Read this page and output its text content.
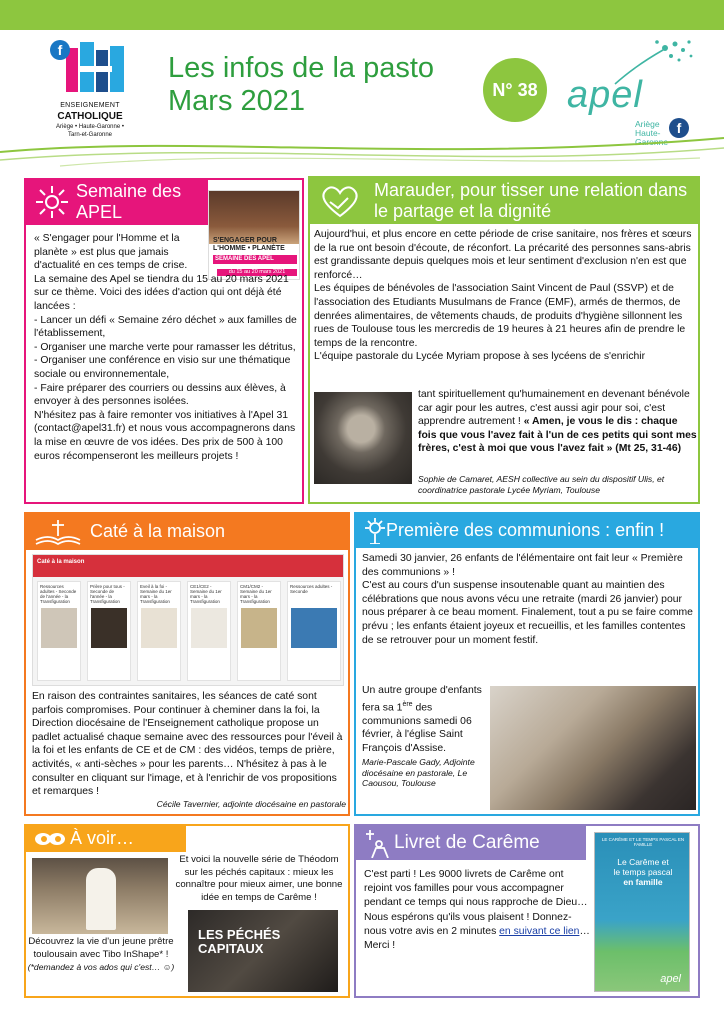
f
ENSEIGNEMENT
CATHOLIQUE
Ariège • Haute-Garonne •
Tarn-et-Garonne
Les infos de la pasto
Mars 2021	N° 38 apel
Ariège
Haute-
Garonne
f
Semaine des APEL
S'ENGAGER POUR
L'HOMME • PLANÈTE
SEMAINE DES APEL
du 15 au 20 mars 2021

« S'engager pour l'Homme et la planète » est plus que jamais d'actualité en ces temps de crise.

La semaine des Apel se tiendra du 15 au 20 mars 2021 sur ce thème. Voici des idées d'action qui ont déjà été lancées :

- Lancer un défi « Semaine zéro déchet » aux familles de l'établissement,

- Organiser une marche verte pour ramasser les détritus,

- Organiser une conférence en visio sur une thématique sociale ou environnementale,

- Faire préparer des courriers ou dessins aux élèves, à envoyer à des personnes isolées.

N'hésitez pas à faire remonter vos initiatives à l'Apel 31 (contact@apel31.fr) et nous vous accompagnerons dans la mise en œuvre de vos idées. Des prix de 500 à 100 euros récompenseront les meilleurs projets !

Marauder, pour tisser une relation dans le partage et la dignité

Aujourd'hui, et plus encore en cette période de crise sanitaire, nos frères et sœurs de la rue ont besoin d'écoute, de réconfort. La précarité des personnes sans-abris est grandissante depuis quelques mois et leur sentiment d'exclusion n'en est que renforcé…

Les équipes de bénévoles de l'association Saint Vincent de Paul (SSVP) et de l'association des Etudiants Musulmans de France (EMF), armés de thermos, de denrées alimentaires, de vêtements chauds, de produits d'hygiène sillonnent les rues de Toulouse tous les mercredis de 19 heures à 21 heures afin de prendre le temps de la rencontre.

L'équipe pastorale du Lycée Myriam propose à ses lycéens de s'enrichir

tant spirituellement qu'humainement en devenant bénévole car agir pour les autres, c'est aussi agir pour soi, c'est apprendre autrement ! « Amen, je vous le dis : chaque fois que vous l'avez fait à l'un de ces petits qui sont mes frères, c'est à moi que vous l'avez fait » (Mt 25, 31-46)
Sophie de Camaret, AESH collective au sein du dispositif Ulis, et coordinatrice pastorale Lycée Myriam, Toulouse
Caté à la maison
Caté à la maison
Ressources adultes - Seconde de l'année - la Transfiguration
Prière pour tous - Seconde de l'année - la Transfiguration
Eveil à la foi - Semaine du 1er mars - la Transfiguration
CE1/CE2 - Semaine du 1er mars - la Transfiguration
CM1/CM2 - Semaine du 1er mars - la Transfiguration
Ressources adultes - Seconde

En raison des contraintes sanitaires, les séances de caté sont parfois compromises. Pour continuer à cheminer dans la foi, la Direction diocésaine de l'Enseignement catholique propose un padlet actualisé chaque semaine avec des ressources pour l'éveil à la foi et les enfants de CE et de CM : des vidéos, temps de prière, activités, « anti-sèches » pour les parents… N'hésitez à pas à le consulter en cliquant sur l'image, et à l'enrichir de vos propositions et remarques !

Cécile Tavernier, adjointe diocésaine en pastorale
Première des communions : enfin !

Samedi 30 janvier, 26 enfants de l'élémentaire ont fait leur « Première des communions » !

C'est au cours d'un suspense insoutenable quant au maintien des célébrations que nous avons vécu une retraite (mardi 26 janvier) pour nous préparer à ce beau moment. Finalement, tout a pu se faire comme prévu ; les enfants étaient joyeux et recueillis, et les familles contentes de se retrouver pour un moment festif.

Un autre groupe d'enfants fera sa 1ère des communions samedi 06 février, à l'église Saint François d'Assise.
Marie-Pascale Gady, Adjointe diocésaine en pastorale, Le Caousou, Toulouse
À voir…
Découvrez la vie d'un jeune prêtre toulousain avec Tibo InShape* !
(*demandez à vos ados qui c'est… ☺)
Et voici la nouvelle série de Théodom sur les péchés capitaux : mieux les connaître pour mieux aimer, une bonne idée en temps de Carême !
LES PÉCHÉS
CAPITAUX
Livret de Carême
C'est parti ! Les 9000 livrets de Carême ont rejoint vos familles pour vous accompagner pendant ce temps qui nous rapproche de Dieu… Nous espérons qu'ils vous plaisent ! Donnez-nous votre avis en 2 minutes en suivant ce lien… Merci !
LE CARÊME ET LE TEMPS PASCAL EN FAMILLE
Le Carême et
le temps pascal
en famille
apel
